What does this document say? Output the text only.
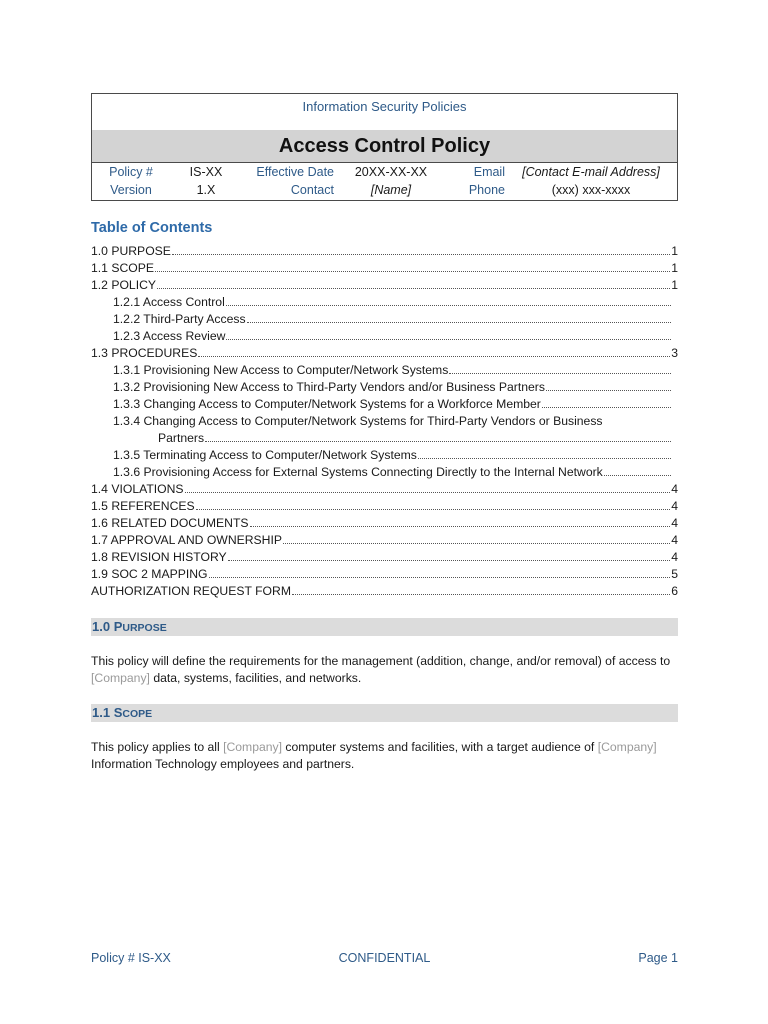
Information Security Policies
Access Control Policy
Policy #	IS-XX	Effective Date	20XX-XX-XX	Email	[Contact E-mail Address]
Version	1.X	Contact	[Name]	Phone	(xxx) xxx-xxxx
Table of Contents
1.0 PURPOSE	1
1.1 SCOPE	1
1.2 POLICY	1
1.2.1 Access Control
1.2.2 Third-Party Access
1.2.3 Access Review
1.3 PROCEDURES	3
1.3.1 Provisioning New Access to Computer/Network Systems
1.3.2 Provisioning New Access to Third-Party Vendors and/or Business Partners
1.3.3 Changing Access to Computer/Network Systems for a Workforce Member
1.3.4 Changing Access to Computer/Network Systems for Third-Party Vendors or Business
Partners
1.3.5 Terminating Access to Computer/Network Systems
1.3.6 Provisioning Access for External Systems Connecting Directly to the Internal Network
1.4 VIOLATIONS	4
1.5 REFERENCES	4
1.6 RELATED DOCUMENTS	4
1.7 APPROVAL AND OWNERSHIP	4
1.8 REVISION HISTORY	4
1.9 SOC 2 MAPPING	5
AUTHORIZATION REQUEST FORM	6
1.0 PURPOSE
This policy will define the requirements for the management (addition, change, and/or removal) of access to [Company] data, systems, facilities, and networks.
1.1 SCOPE
This policy applies to all [Company] computer systems and facilities, with a target audience of [Company] Information Technology employees and partners.
Policy # IS-XX	CONFIDENTIAL	Page 1
